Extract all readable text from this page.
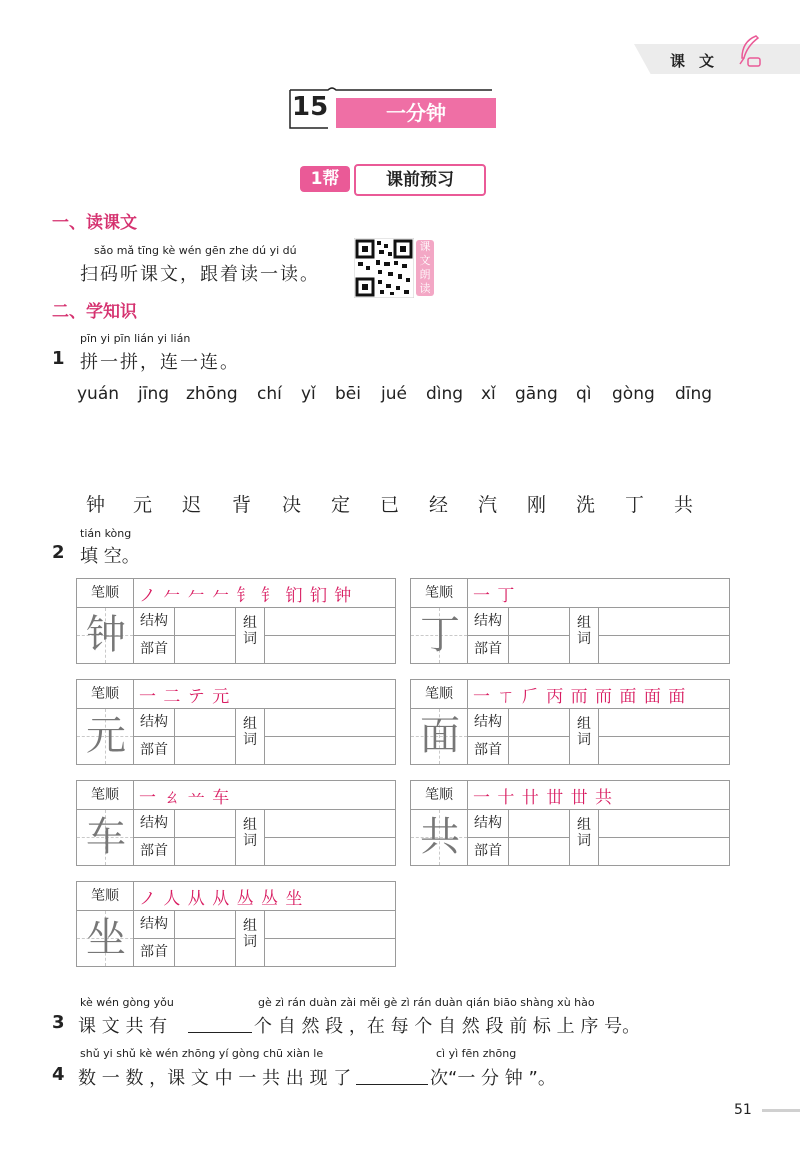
课文
15	一分钟
1帮	课前预习
一、读课文
sǎo mǎ tīng kè wén gēn zhe dú yi dú
扫码听课文，跟着读一读。
课文朗读
二、学知识
pīn yi pīn lián yi lián
1 拼一拼，连一连。
yuán jīng zhōng chí yǐ bēi jué dìng xǐ gāng qì gòng dīng
钟 元 迟 背 决 定 已 经 汽 刚 洗 丁 共
tián kòng
2 填 空。
笔顺	ノ 𠂉 𠂉 𠂉 钅 钅 钔 钔 钟
钟	结构
部首
组
词
笔顺	一 丁
丁	结构
部首
组
词
笔顺	一 二 テ 元
元	结构
部首
组
词
笔顺	一 ㄒ 𠂆 丙 而 而 面 面 面
面	结构
部首
组
词
笔顺	一 ㄠ 䒑 车
车	结构
部首
组
词
笔顺	一 十 卄 丗 丗 共
共	结构
部首
组
词
笔顺	ノ 人 从 从 丛 丛 坐
坐	结构
部首
组
词
kè wén gòng yǒu	gè zì rán duàn zài měi gè zì rán duàn qián biāo shàng xù hào
3 课 文 共 有	个 自 然 段 ，在 每 个 自 然 段 前 标 上 序 号。
shǔ yi shǔ kè wén zhōng yí gòng chū xiàn le	cì yì fēn zhōng
4 数 一 数 ，课 文 中 一 共 出 现 了	次“一 分 钟 ”。
51
